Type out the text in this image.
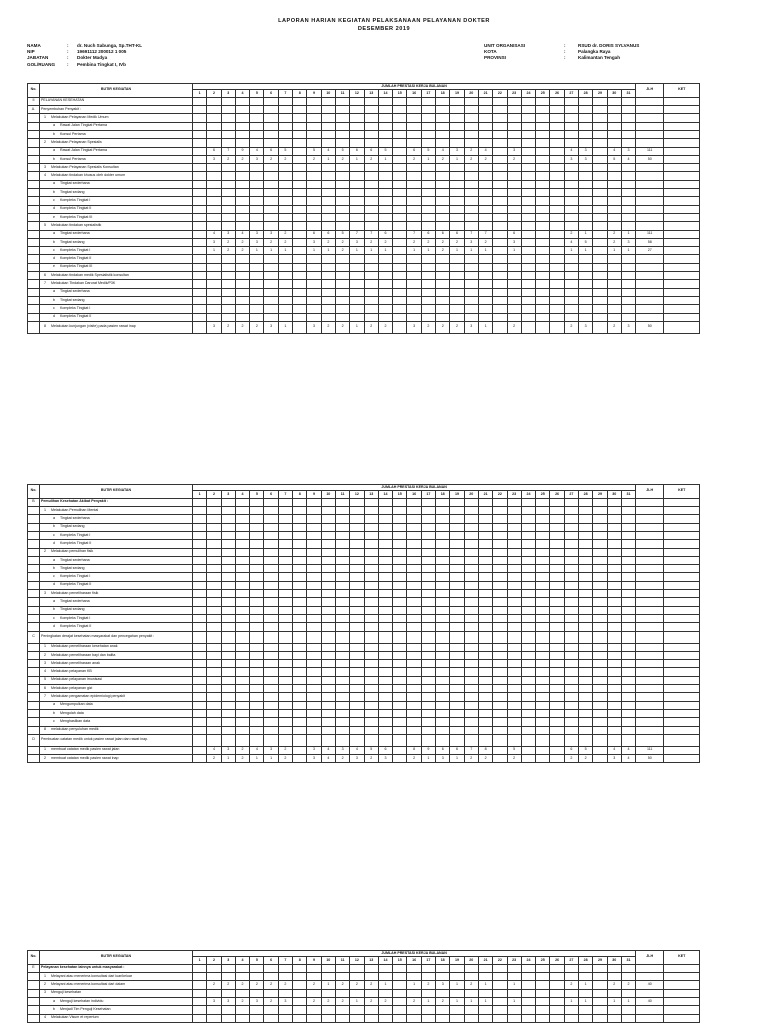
LAPORAN HARIAN KEGIATAN PELAKSANAAN PELAYANAN DOKTER
DESEMBER 2019
NAMA	:	dr. Nuch Sabunga, Sp.THT-KL
NIP	:	19691112 200012 1 005
JABATAN	:	Dokter Madya
GOL/RUANG	:	Pembina Tingkat I, IVb
UNIT ORGANISASI	:	RSUD dr. DORIS SYLVANUS
KOTA	:	Palangka Raya
PROVINSI	:	Kalimantan Tengah
No.	BUTIR KEGIATAN	JUMLAH PRESTASI KERJA BULANAN																															JLH	KET
		1	2	3	4	5	6	7	8	9	10	11	12	13	14	15	16	17	18	19	20	21	22	23	24	25	26	27	28	29	30	31		
II	PELAYANAN KESEHATAN																																	

A.	Penyembuhan Penyakit :																																	

	1 Melakukan Pelayanan Medik Umum																																	

	a Rawat Jalan Tingkat Pertama																																	

	b Konsul Pertama																																	

	2 Melakukan Pelayanan Spesialis																																	

	a Rawat Jalan Tingkat Pertama		6	7	9	4	6	5		5	4	5	6	6	5		6	5	4	3	2	4		3				4	3		4	3	111	

	b Konsul Pertama		3	2	2	3	2	2		2	1	2	1	2	1		2	1	2	1	2	2		2				3	3		5	4	50	

	3 Melakukan Pelayanan Spesialis Konsultan																																	

	4 Melakukan tindakan khusus oleh dokter umum																																	

	a Tingkat sederhana																																	

	b Tingkat sedang																																	

	c Kompleks Tingkat I																																	

	d Kompleks Tingkat II																																	

	e Kompleks Tingkat III																																	

	5 Melakukan tindakan spesialistik																																	

	a Tingkat sederhana		4	3	4	3	3	2		6	6	5	7	7	6		7	6	6	6	7	7		6				2	1		2	1	111	

	b Tingkat sedang		3	2	2	3	2	2		3	2	2	3	2	2		2	2	2	2	3	2		3				4	5		2	3	58	

	c Kompleks Tingkat I		1	2	2	1	1	1		1	1	2	1	1	1		1	1	2	1	1	1		1				1	1		1	1	27	

	d Kompleks Tingkat II																																	

	e Kompleks Tingkat III																																	

	6 Melakukan tindakan medik Spesialistik konsultan																																	

	7 Melakukan Tindakan Darurat Medik/P3K																																	

	a Tingkat sederhana																																	

	b Tingkat sedang																																	

	c Kompleks Tingkat I																																	

	d Kompleks Tingkat II																																	

	8 Melakukan kunjungan (visite) pada pasien rawat inap		3	2	2	2	3	1		3	2	2	1	2	2		3	2	2	2	3	1		2				2	3		2	3	50	
No.	BUTIR KEGIATAN	JUMLAH PRESTASI KERJA BULANAN																															JLH	KET
		1	2	3	4	5	6	7	8	9	10	11	12	13	14	15	16	17	18	19	20	21	22	23	24	25	26	27	28	29	30	31		
B	Pemulihan Kesehatan Akibat Penyakit :																																	

	1 Melakukan Pemulihan Mental																																	

	a Tingkat sederhana																																	

	b Tingkat sedang																																	

	c Kompleks Tingkat I																																	

	d Kompleks Tingkat II																																	

	2 Melakukan pemulihan fisik																																	

	a Tingkat sederhana																																	

	b Tingkat sedang																																	

	c Kompleks Tingkat I																																	

	d Kompleks Tingkat II																																	

	3 Melakukan pemeliharaan fisik																																	

	a Tingkat sederhana																																	

	b Tingkat sedang																																	

	c Kompleks Tingkat I																																	

	d Kompleks Tingkat II																																	

C	Peningkatan derajat kesehatan masyarakat dan pencegahan penyakit :																																	

	1 Melakukan pemeliharaan kesehatan anak																																	

	2 Melakukan pemeliharaan bayi dan balita																																	

	3 Melakukan pemeliharaan anak																																	

	4 Melakukan pelayanan KB																																	

	5 Melakukan pelayanan imunisasi																																	

	6 Melakukan pelayanan gizi																																	

	7 Melakukan pengamatan epidemiologi penyakit																																	

	a Mengumpulkan data																																	

	b Mengolah data																																	

	c Menghasilkan data																																	

	8 melakukan penyuluhan medik																																	

D	Pembuatan catatan medik untuk pasien rawat jalan dan rawat inap.																																	

	1 membuat catatan medik pasien rawat jalan		4	3	2	4	3	2		3	4	3	4	5	6		8	9	6	6	7	8		5				6	5		4	4	111	

	2 membuat catatan medik pasien rawat inap		2	1	2	1	1	2		3	4	2	3	2	3		2	1	3	1	2	2		2				2	2		3	4	50	
No.	BUTIR KEGIATAN	JUMLAH PRESTASI KERJA BULANAN																															JLH	KET
		1	2	3	4	5	6	7	8	9	10	11	12	13	14	15	16	17	18	19	20	21	22	23	24	25	26	27	28	29	30	31		
E	Pelayanan kesehatan lainnya untuk masyarakat :																																	

	1 Melayani atau menerima konsultasi dari luar/keluar																																	

	2 Melayani atau menerima konsultasi dari dalam		2	2	2	2	2	2		2	1	2	2	2	1		1	2	3	1	2	1		1				2	1		2	2	40	

	3 Menguji kesehatan																																	

	a Menguji kesehatan individu		3	3	2	3	2	3		2	2	2	1	2	2		2	1	2	1	1	1		1				1	1		1	1	40	

	b Menjadi Tim Penguji Kesehatan																																	

	4 Melakukan Visum et repertum																																	
